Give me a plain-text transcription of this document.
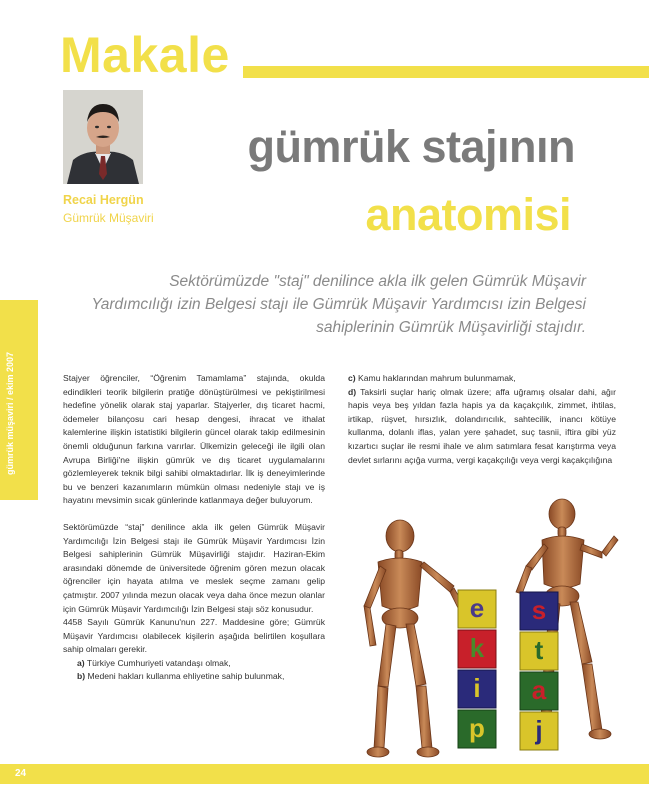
Makale
Recai Hergün
Gümrük Müşaviri
gümrük stajının
anatomisi
Sektörümüzde "staj" denilince akla ilk gelen Gümrük Müşavir
Yardımcılığı izin Belgesi stajı ile Gümrük Müşavir Yardımcısı izin Belgesi
sahiplerinin Gümrük Müşavirliği stajıdır.
gümrük müşaviri / ekim 2007	Stajyer öğrenciler, “Öğrenim Tamamlama” stajında, okulda edindikleri teorik bilgilerin pratiğe dönüştürülmesi ve pekiştirilmesi hedefine yönelik olarak staj yaparlar. Stajyerler, dış ticaret hacmi, ödemeler bilançosu cari hesap dengesi, ihracat ve ithalat kalemlerine ilişkin istatistiki bilgilerin güncel olarak takip edilmesinin önemli olduğunun farkına varırlar. Ülkemizin geleceği ile ilgili olan Avrupa Birliği'ne ilişkin gümrük ve dış ticaret uygulamalarını gözlemleyerek teknik bilgi sahibi olmaktadırlar. İlk iş deneyimlerinde bu ve benzeri kazanımların mümkün olması nedeniyle stajı ve iş hayatını mevsimin sıcak günlerinde katlanmaya değer buluyorum.

Sektörümüzde “staj” denilince akla ilk gelen Gümrük Müşavir Yardımcılığı İzin Belgesi stajı ile Gümrük Müşavir Yardımcısı İzin Belgesi sahiplerinin Gümrük Müşavirliği stajıdır. Haziran-Ekim arasındaki dönemde de üniversitede öğrenim gören mezun olacak öğrenciler için hayata atılma ve meslek seçme zamanı gelip çatmıştır. 2007 yılında mezun olacak veya daha önce mezun olanlar için Gümrük Müşavir Yardımcılığı İzin Belgesi stajı söz konusudur.

4458 Sayılı Gümrük Kanunu'nun 227. Maddesine göre; Gümrük Müşavir Yardımcısı olabilecek kişilerin aşağıda belirtilen koşullara sahip olmaları gerekir.

a) Türkiye Cumhuriyeti vatandaşı olmak,

b) Medeni hakları kullanma ehliyetine sahip bulunmak,

c) Kamu haklarından mahrum bulunmamak,

d) Taksirli suçlar hariç olmak üzere; affa uğramış olsalar dahi, ağır hapis veya beş yıldan fazla hapis ya da kaçakçılık, zimmet, ihtilas, irtikap, rüşvet, hırsızlık, dolandırıcılık, sahtecilik, inancı kötüye kullanma, dolanlı iflas, yalan yere şahadet, suç tasnii, iftira gibi yüz kızartıcı suçlar ile resmi ihale ve alım satımlara fesat karıştırma veya devlet sırlarını açığa vurma, vergi kaçakçılığı veya vergi kaçakçılığına

e
k
i
p
s
t
a
j
24
